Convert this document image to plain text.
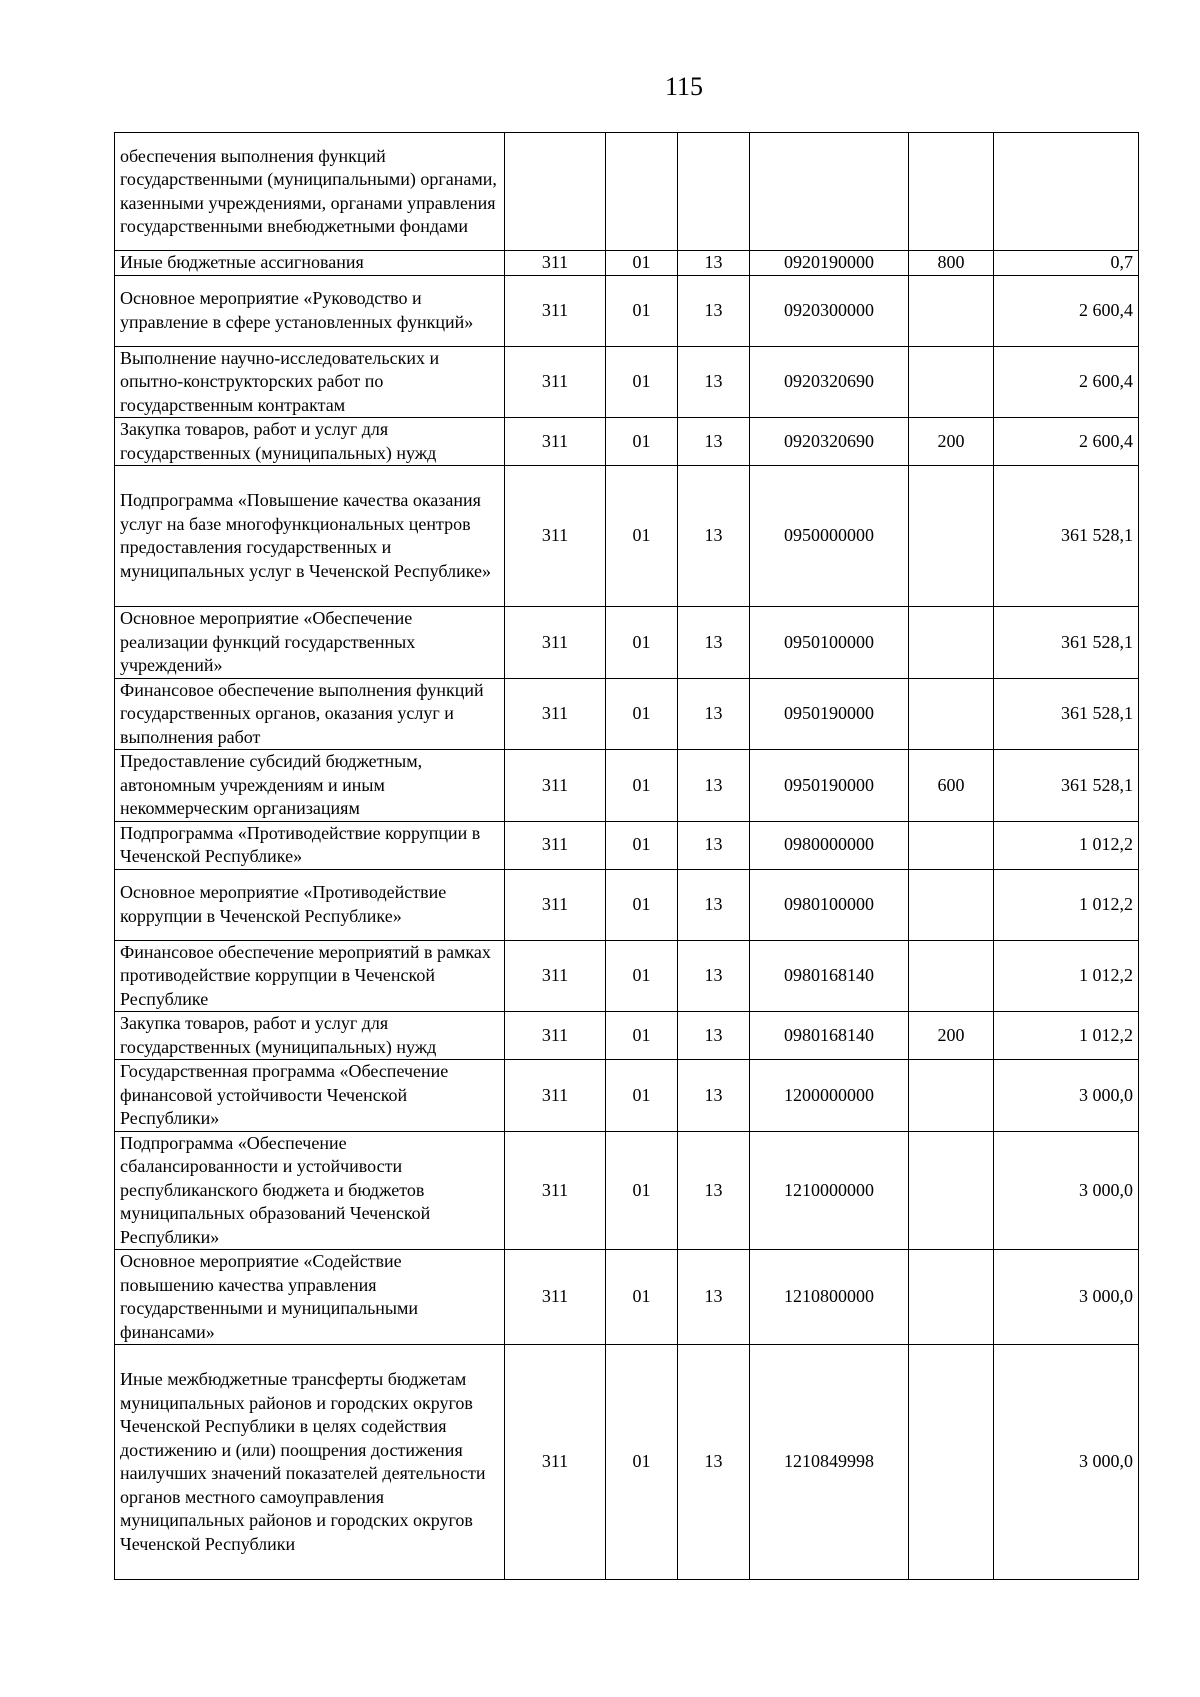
115
обеспечения выполнения функций государственными (муниципальными) органами, казенными учреждениями, органами управления государственными внебюджетными фондами						
Иные бюджетные ассигнования	311	01	13	0920190000	800	0,7
Основное мероприятие «Руководство и управление в сфере установленных функций»	311	01	13	0920300000		2 600,4
Выполнение научно-исследовательских и опытно-конструкторских работ по государственным контрактам	311	01	13	0920320690		2 600,4
Закупка товаров, работ и услуг для государственных (муниципальных) нужд	311	01	13	0920320690	200	2 600,4
Подпрограмма «Повышение качества оказания услуг на базе многофункциональных центров предоставления государственных и муниципальных услуг в Чеченской Республике»	311	01	13	0950000000		361 528,1
Основное мероприятие «Обеспечение реализации функций государственных учреждений»	311	01	13	0950100000		361 528,1
Финансовое обеспечение выполнения функций государственных органов, оказания услуг и выполнения работ	311	01	13	0950190000		361 528,1
Предоставление субсидий бюджетным, автономным учреждениям и иным некоммерческим организациям	311	01	13	0950190000	600	361 528,1
Подпрограмма «Противодействие коррупции в Чеченской Республике»	311	01	13	0980000000		1 012,2
Основное мероприятие «Противодействие коррупции в Чеченской Республике»	311	01	13	0980100000		1 012,2
Финансовое обеспечение мероприятий в рамках противодействие коррупции в Чеченской Республике	311	01	13	0980168140		1 012,2
Закупка товаров, работ и услуг для государственных (муниципальных) нужд	311	01	13	0980168140	200	1 012,2
Государственная программа «Обеспечение финансовой устойчивости Чеченской Республики»	311	01	13	1200000000		3 000,0
Подпрограмма «Обеспечение сбалансированности и устойчивости республиканского бюджета и бюджетов муниципальных образований Чеченской Республики»	311	01	13	1210000000		3 000,0
Основное мероприятие «Содействие повышению качества управления государственными и муниципальными финансами»	311	01	13	1210800000		3 000,0
Иные межбюджетные трансферты бюджетам муниципальных районов и городских округов Чеченской Республики в целях содействия достижению и (или) поощрения достижения наилучших значений показателей деятельности органов местного самоуправления муниципальных районов и городских округов Чеченской Республики	311	01	13	1210849998		3 000,0
